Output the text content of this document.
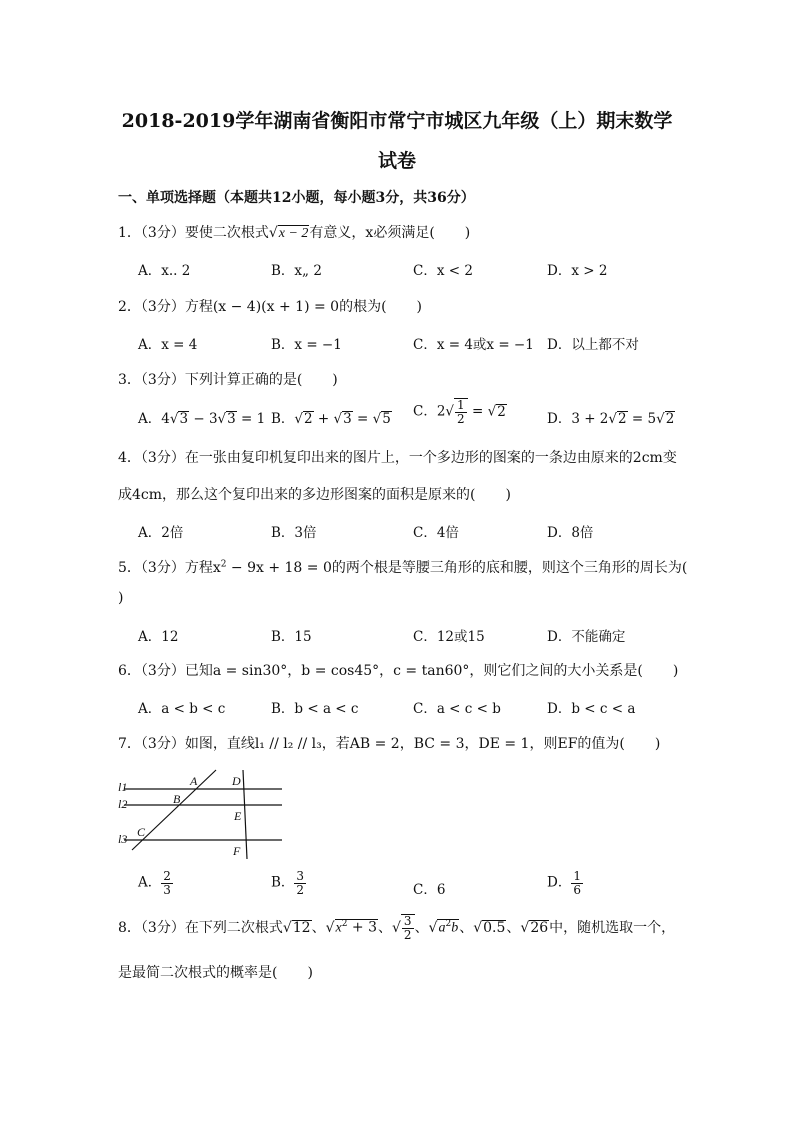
2018-2019学年湖南省衡阳市常宁市城区九年级（上）期末数学
试卷
一、单项选择题（本题共12小题，每小题3分，共36分）
1．（3分）要使二次根式√x − 2有意义，x必须满足( )
A．x.. 2	B．x„ 2	C．x < 2	D．x > 2
2．（3分）方程(x − 4)(x + 1) = 0的根为( )
A．x = 4	B．x = −1	C．x = 4或x = −1 D．以上都不对
3．（3分）下列计算正确的是( )
A．4√3 − 3√3 = 1 B．√2 + √3 = √5 C．$2√ \frac{1}{2} = √2$	D．3 + 2√2 = 5√2
4．（3分）在一张由复印机复印出来的图片上，一个多边形的图案的一条边由原来的2cm变
成4cm，那么这个复印出来的多边形图案的面积是原来的( )
A．2倍	B．3倍	C．4倍	D．8倍
5．（3分）方程$x^2 - 9x + 18 = 0$的两个根是等腰三角形的底和腰，则这个三角形的周长为(
)
A．12	B．15	C．12或15	D．不能确定
6．（3分）已知a = sin30°，b = cos45°，c = tan60°，则它们之间的大小关系是( )
A．a < b < c	B．b < a < c	C．a < c < b	D．b < c < a
7．（3分）如图，直线l₁ // l₂ // l₃，若AB = 2，BC = 3，DE = 1，则EF的值为( )
l1
l2
l3
A
B
C
D
E
F
A． $\frac{2}{3}$	B． $\frac{3}{2}$	C．6	D． $\frac{1}{6}$
8．（3分）在下列二次根式√12、$√x^2 + 3$、√ $\frac{3}{2}$ 、$√a^2b$、√0.5、√26中，随机选取一个，
是最简二次根式的概率是( )
